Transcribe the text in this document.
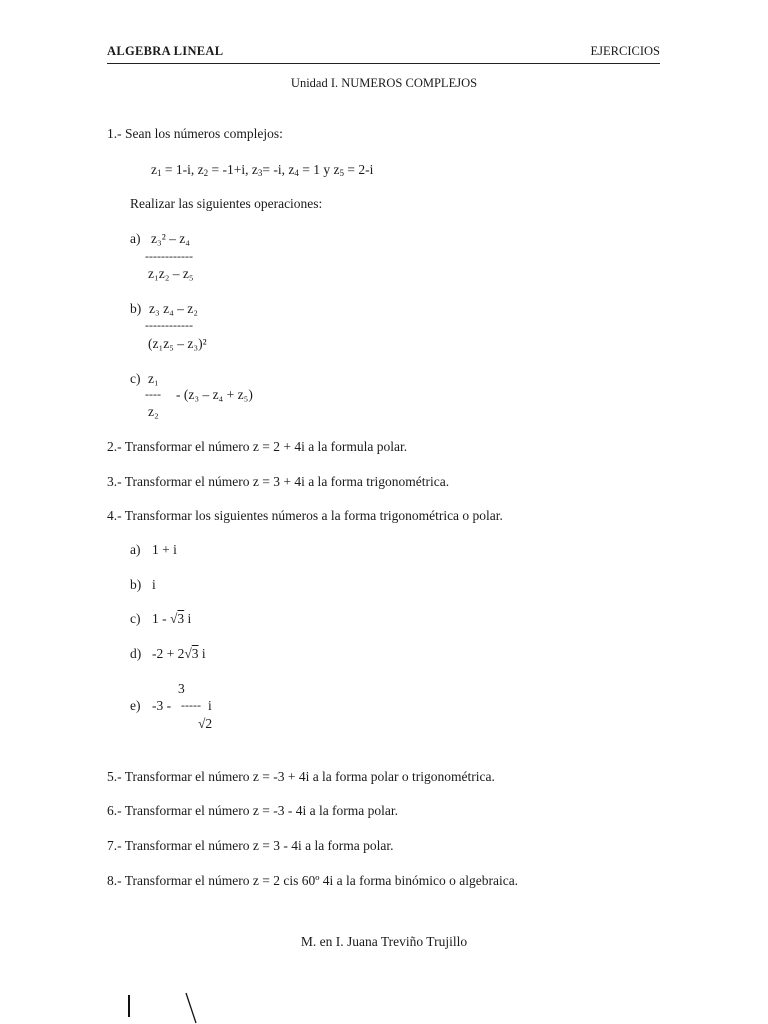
ALGEBRA LINEAL	EJERCICIOS
Unidad I. NUMEROS COMPLEJOS
1.- Sean los números complejos:
$z_1 = 1-i$, $z_2 = -1+i$, $z_3= -i$, $z_4 = 1$ y $z_5 = 2-i$
Realizar las siguientes operaciones:
a) z₃² – z₄
------------
z₁z₂ – z₅
b) z₃ z₄ – z₂
------------
(z₁z₅ – z₃)²
c) z₁
---- - (z₃ – z₄ + z₅)
z₂
2.- Transformar el número z = 2 + 4i a la formula polar.
3.- Transformar el número z = 3 + 4i a la forma trigonométrica.
4.- Transformar los siguientes números a la forma trigonométrica o polar.
a) 1 + i
b) i
c) 1 - √3 i
d) -2 + 2√3 i
3
e) -3 - ----- i
√2
5.- Transformar el número z = -3 + 4i a la forma polar o trigonométrica.
6.- Transformar el número z = -3 - 4i a la forma polar.
7.- Transformar el número z = 3 - 4i a la forma polar.
8.- Transformar el número z = 2 cis 60º 4i a la forma binómico o algebraica.
M. en I. Juana Treviño Trujillo
